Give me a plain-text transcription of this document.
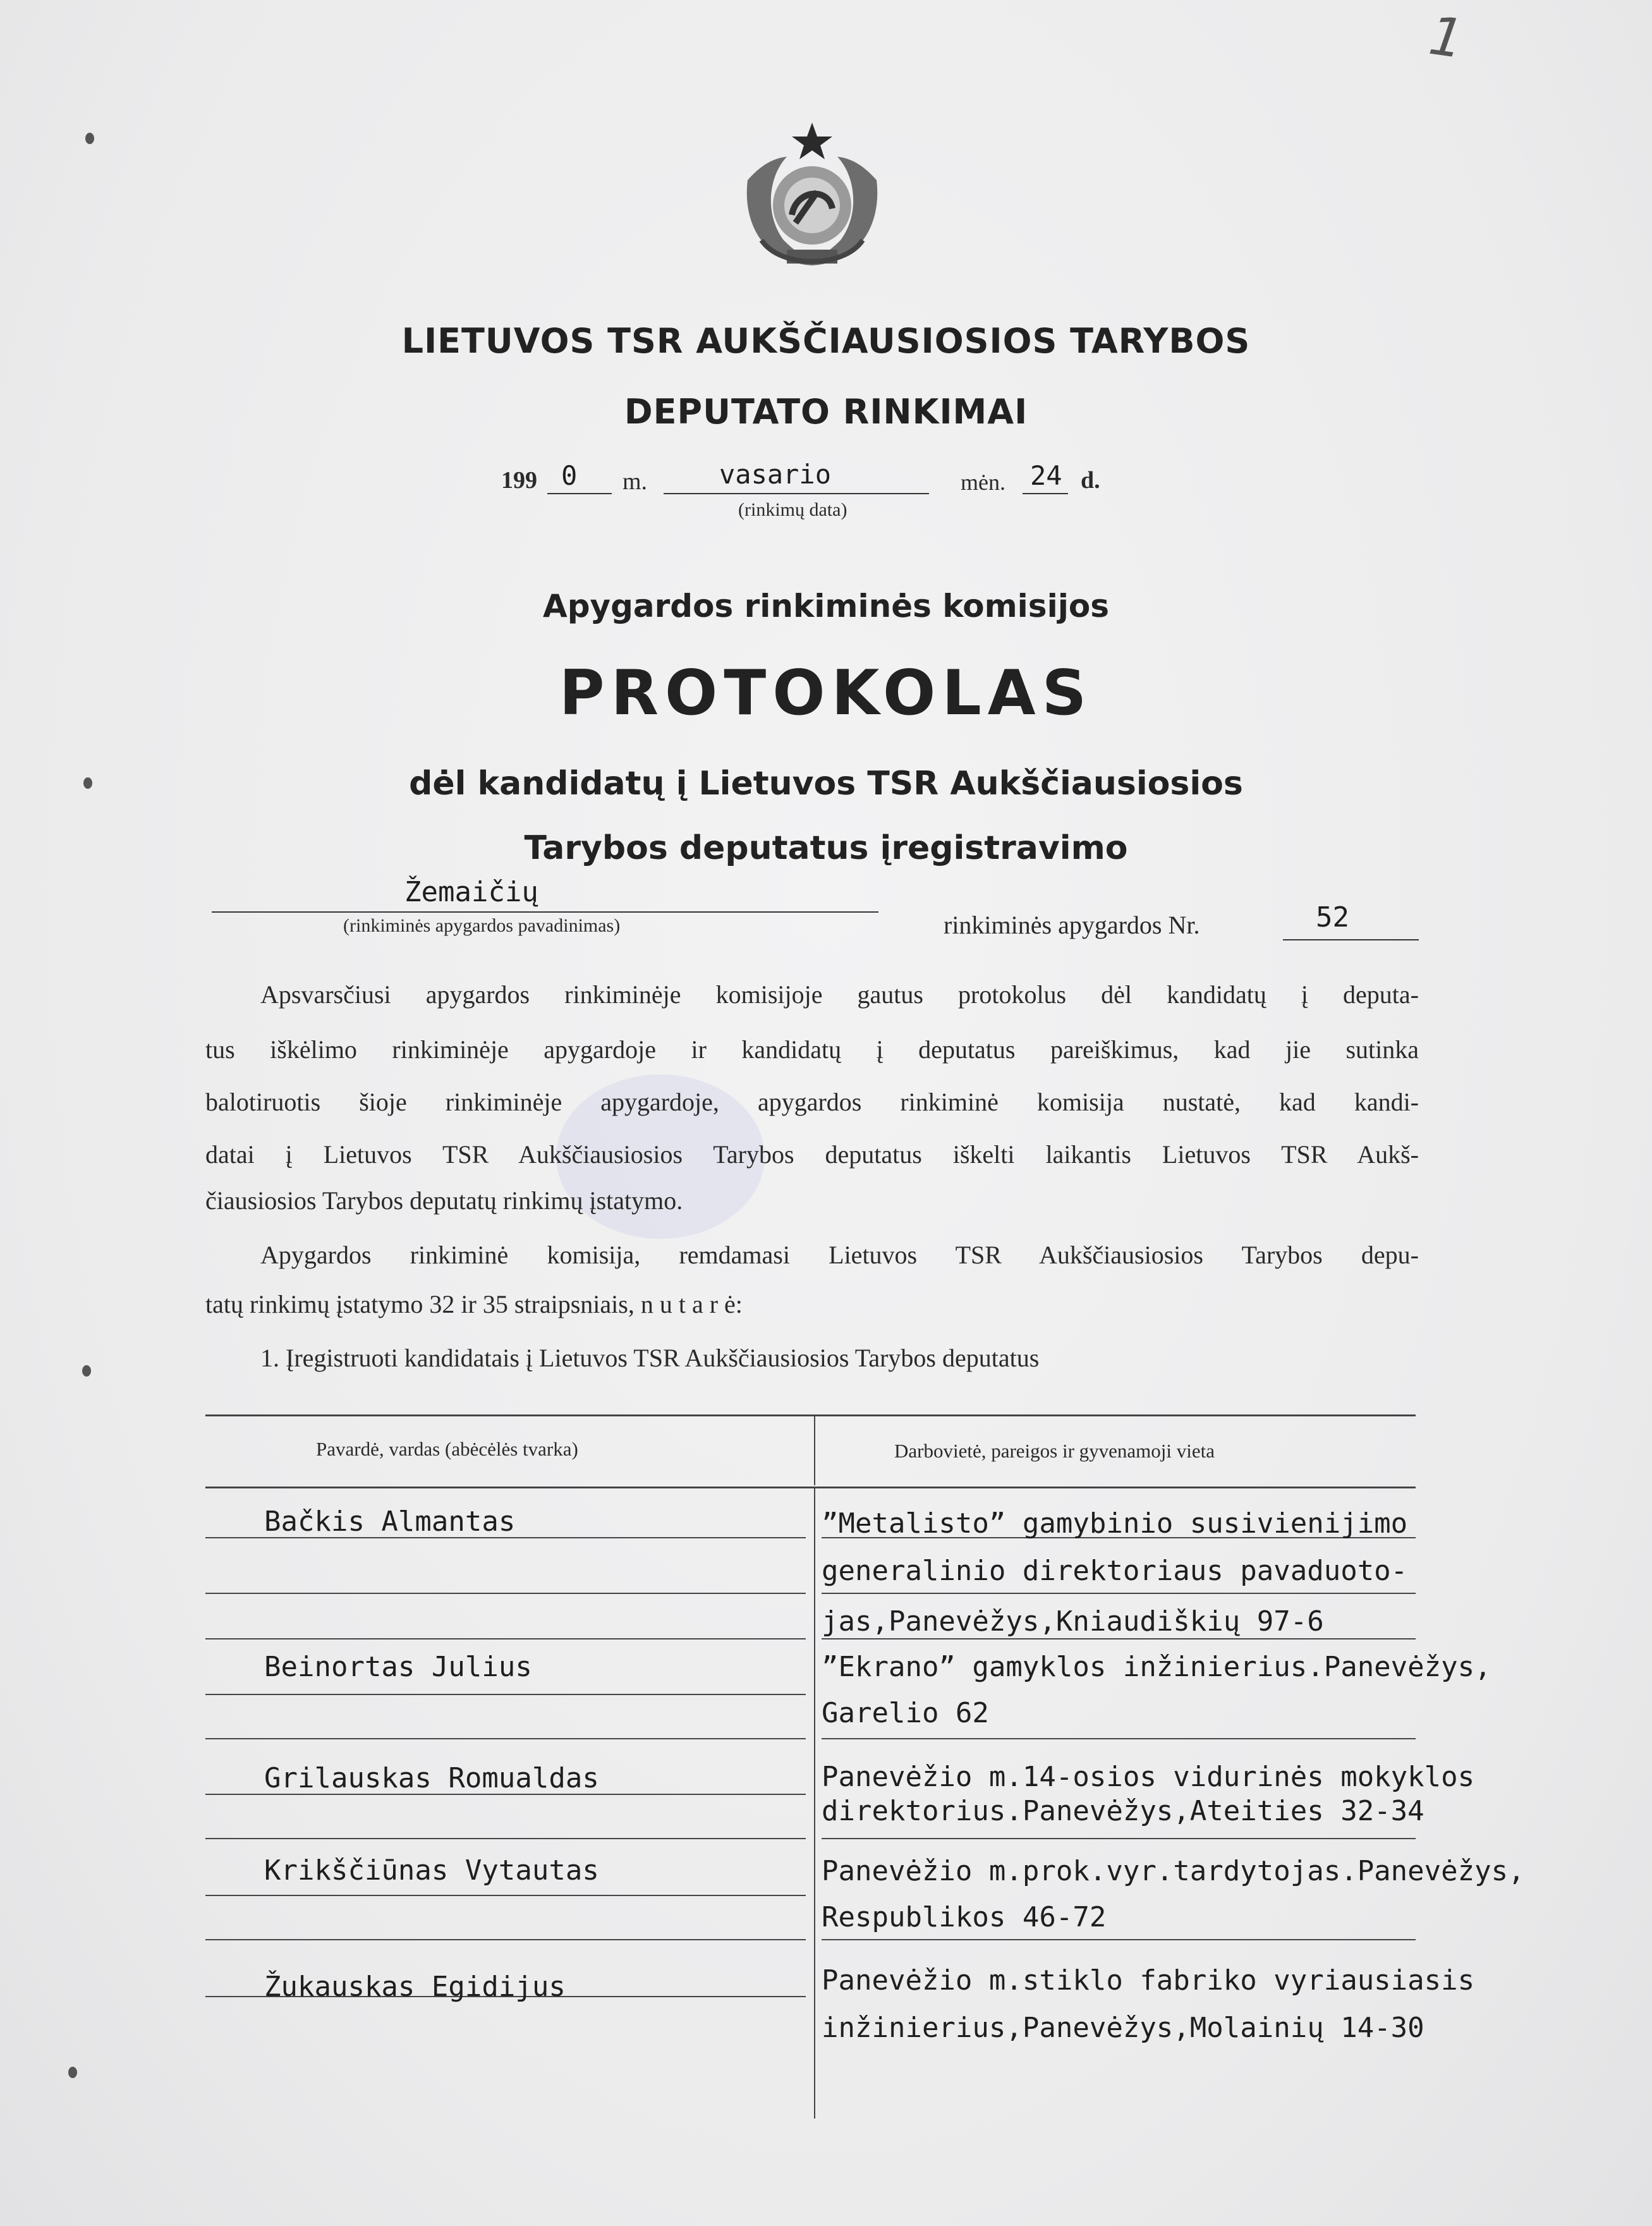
1
LIETUVOS TSR AUKŠČIAUSIOSIOS TARYBOS
DEPUTATO RINKIMAI
199 0 m.	vasario
(rinkimų data)
mėn. 24 d.
Apygardos rinkiminės komisijos
PROTOKOLAS
dėl kandidatų į Lietuvos TSR Aukščiausiosios
Tarybos deputatus įregistravimo
Žemaičių
(rinkiminės apygardos pavadinimas)	rinkiminės apygardos Nr.	52
Apsvarsčiusi apygardos rinkiminėje komisijoje gautus protokolus dėl kandidatų į deputa-
tus iškėlimo rinkiminėje apygardoje ir kandidatų į deputatus pareiškimus, kad jie sutinka
balotiruotis šioje rinkiminėje apygardoje, apygardos rinkiminė komisija nustatė, kad kandi-
datai į Lietuvos TSR Aukščiausiosios Tarybos deputatus iškelti laikantis Lietuvos TSR Aukš-
čiausiosios Tarybos deputatų rinkimų įstatymo.
Apygardos rinkiminė komisija, remdamasi Lietuvos TSR Aukščiausiosios Tarybos depu-
tatų rinkimų įstatymo 32 ir 35 straipsniais, n u t a r ė:
1. Įregistruoti kandidatais į Lietuvos TSR Aukščiausiosios Tarybos deputatus
Pavardė, vardas (abėcėlės tvarka)	Darbovietė, pareigos ir gyvenamoji vieta
Bačkis Almantas	”Metalisto” gamybinio susivienijimo
generalinio direktoriaus pavaduoto-
jas,Panevėžys,Kniaudiškių 97-6
Beinortas Julius	”Ekrano” gamyklos inžinierius.Panevėžys,
Garelio 62
Grilauskas Romualdas	Panevėžio m.14-osios vidurinės mokyklos
direktorius.Panevėžys,Ateities 32-34
Krikščiūnas Vytautas	Panevėžio m.prok.vyr.tardytojas.Panevėžys,
Respublikos 46-72
Žukauskas Egidijus	Panevėžio m.stiklo fabriko vyriausiasis
inžinierius,Panevėžys,Molainių 14-30
